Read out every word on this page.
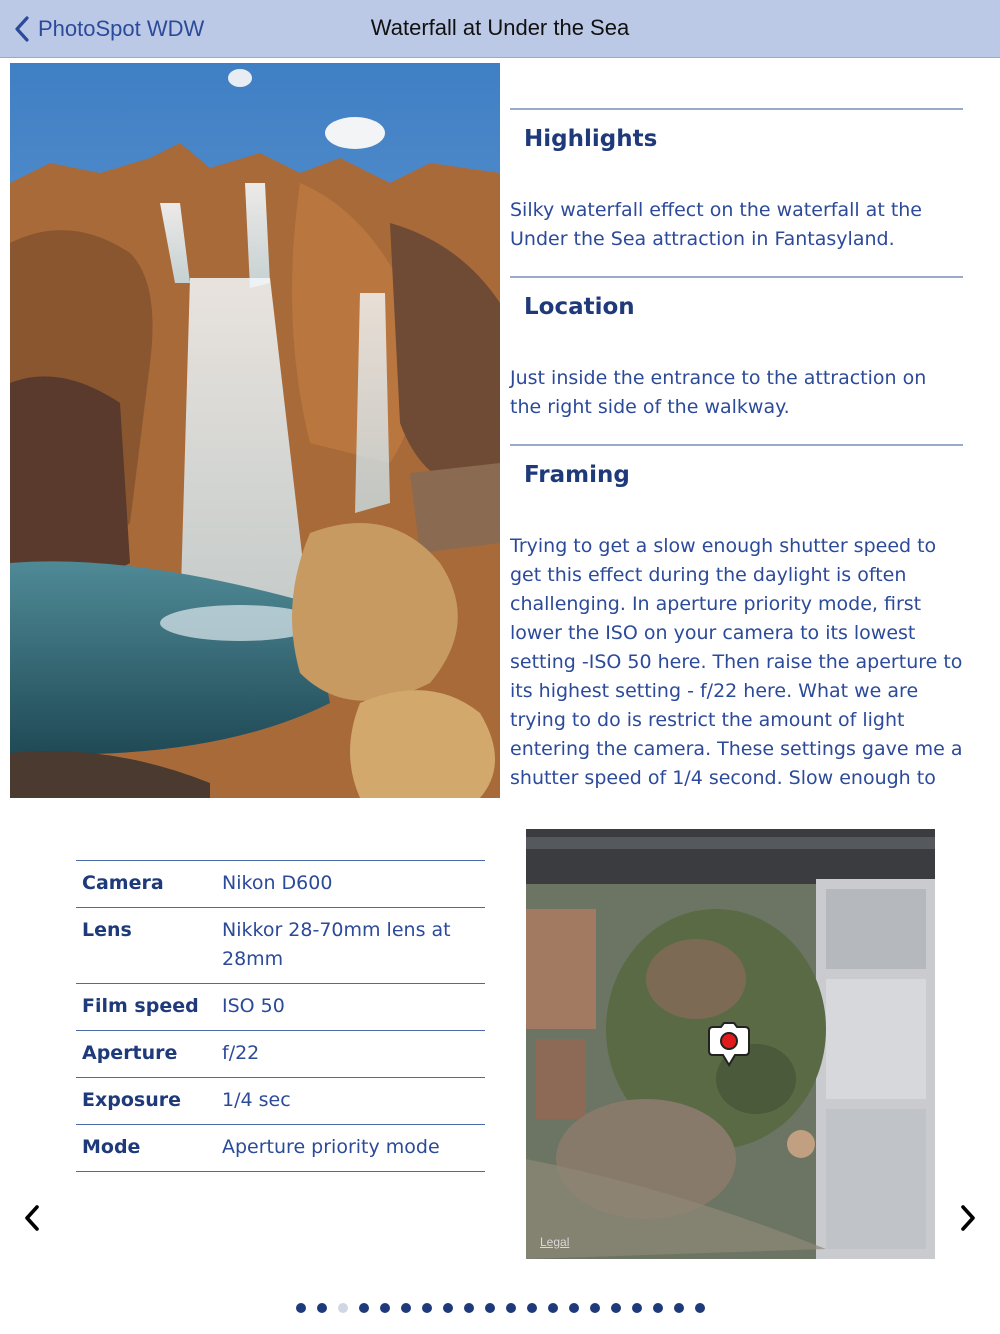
PhotoSpot WDW	Waterfall at Under the Sea
Highlights
Silky waterfall effect on the waterfall at the Under the Sea attraction in Fantasyland.
Location
Just inside the entrance to the attraction on the right side of the walkway.
Framing
Trying to get a slow enough shutter speed to get this effect during the daylight is often challenging. In aperture priority mode, first lower the ISO on your camera to its lowest setting -ISO 50 here. Then raise the aperture to its highest setting - f/22 here. What we are trying to do is restrict the amount of light entering the camera. These settings gave me a shutter speed of 1/4 second. Slow enough to
Camera	Nikon D600
Lens	Nikkor 28-70mm lens at 28mm
Film speed	ISO 50
Aperture	f/22
Exposure	1/4 sec
Mode	Aperture priority mode
Legal
